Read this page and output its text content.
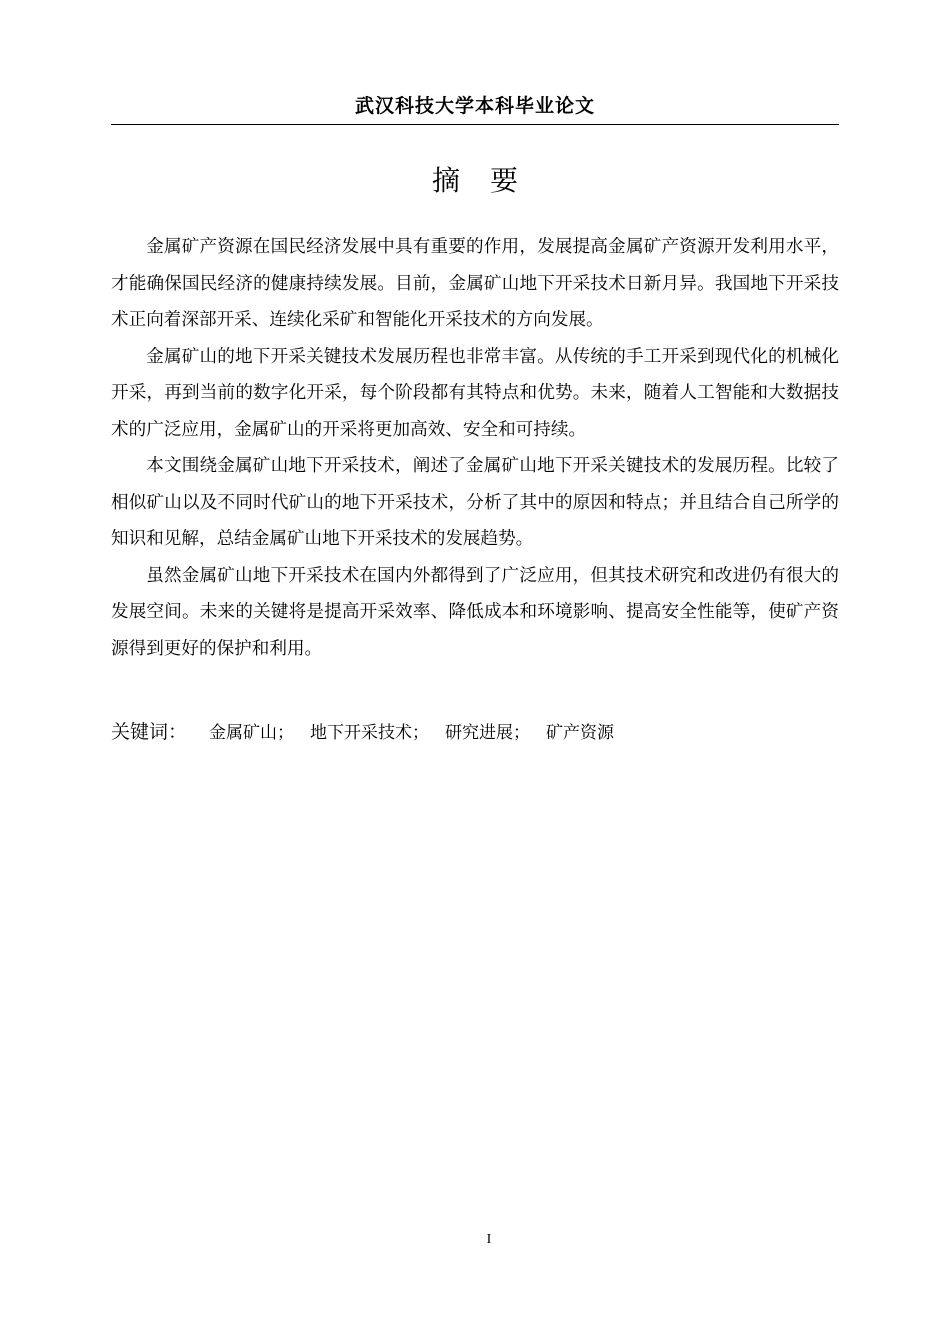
武汉科技大学本科毕业论文
摘 要

金属矿产资源在国民经济发展中具有重要的作用，发展提高金属矿产资源开发利用水平，才能确保国民经济的健康持续发展。目前，金属矿山地下开采技术日新月异。我国地下开采技术正向着深部开采、连续化采矿和智能化开采技术的方向发展。

金属矿山的地下开采关键技术发展历程也非常丰富。从传统的手工开采到现代化的机械化开采，再到当前的数字化开采，每个阶段都有其特点和优势。未来，随着人工智能和大数据技术的广泛应用，金属矿山的开采将更加高效、安全和可持续。

本文围绕金属矿山地下开采技术，阐述了金属矿山地下开采关键技术的发展历程。比较了相似矿山以及不同时代矿山的地下开采技术，分析了其中的原因和特点；并且结合自己所学的知识和见解，总结金属矿山地下开采技术的发展趋势。

虽然金属矿山地下开采技术在国内外都得到了广泛应用，但其技术研究和改进仍有很大的发展空间。未来的关键将是提高开采效率、降低成本和环境影响、提高安全性能等，使矿产资源得到更好的保护和利用。

关键词： 金属矿山； 地下开采技术； 研究进展； 矿产资源
I
